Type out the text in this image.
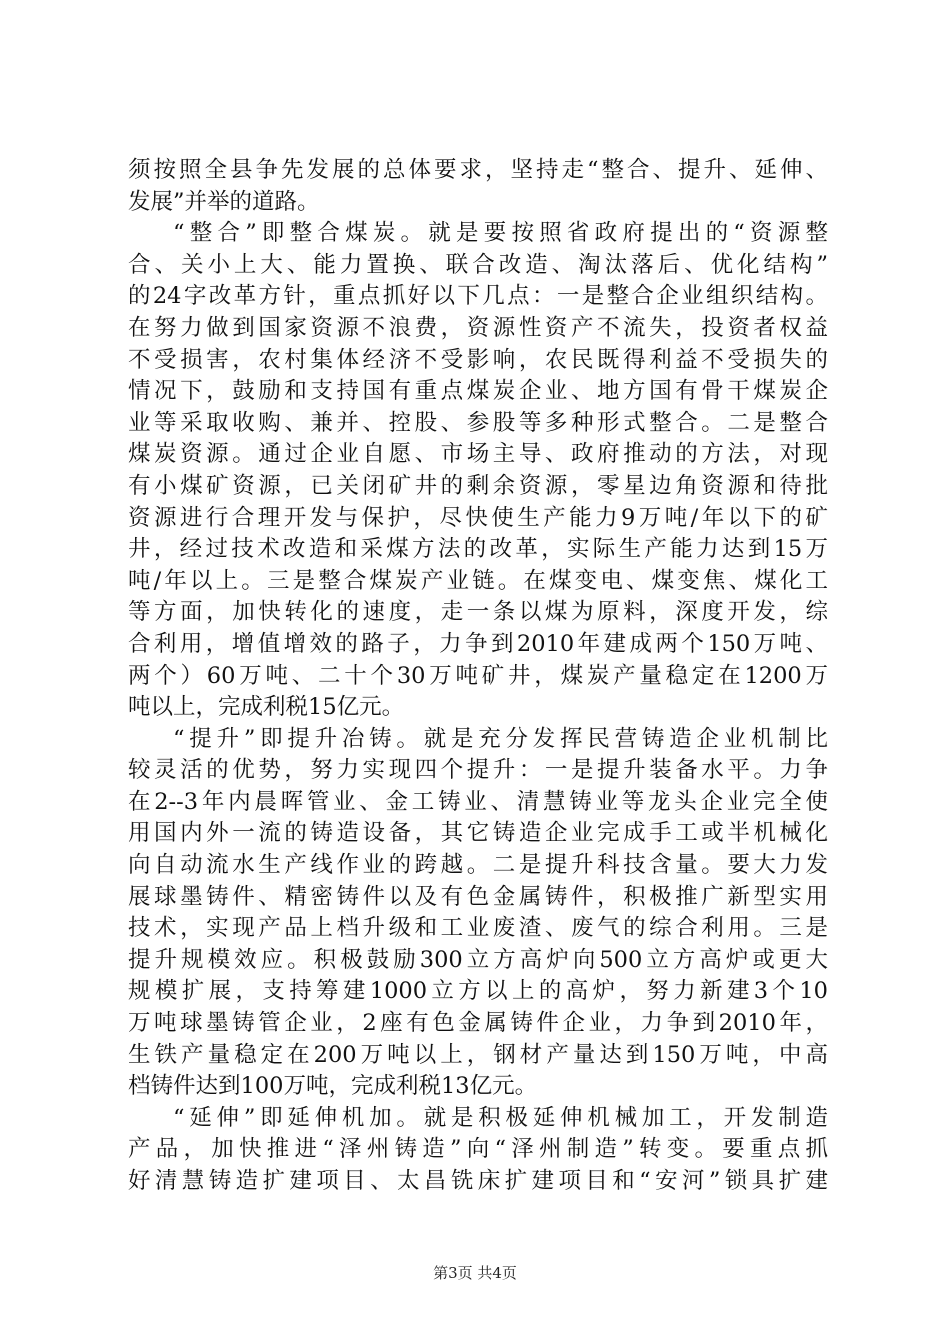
须按照全县争先发展的总体要求，坚持走“整合、提升、延伸、
发展”并举的道路。
“整合”即整合煤炭。就是要按照省政府提出的“资源整
合、关小上大、能力置换、联合改造、淘汰落后、优化结构”
的24字改革方针，重点抓好以下几点：一是整合企业组织结构。
在努力做到国家资源不浪费，资源性资产不流失，投资者权益
不受损害，农村集体经济不受影响，农民既得利益不受损失的
情况下，鼓励和支持国有重点煤炭企业、地方国有骨干煤炭企
业等采取收购、兼并、控股、参股等多种形式整合。二是整合
煤炭资源。通过企业自愿、市场主导、政府推动的方法，对现
有小煤矿资源，已关闭矿井的剩余资源，零星边角资源和待批
资源进行合理开发与保护，尽快使生产能力9万吨/年以下的矿
井，经过技术改造和采煤方法的改革，实际生产能力达到15万
吨/年以上。三是整合煤炭产业链。在煤变电、煤变焦、煤化工
等方面，加快转化的速度，走一条以煤为原料，深度开发，综
合利用，增值增效的路子，力争到2010年建成两个150万吨、
两个）60万吨、二十个30万吨矿井，煤炭产量稳定在1200万
吨以上，完成利税15亿元。
“提升”即提升冶铸。就是充分发挥民营铸造企业机制比
较灵活的优势，努力实现四个提升：一是提升装备水平。力争
在2--3年内晨晖管业、金工铸业、清慧铸业等龙头企业完全使
用国内外一流的铸造设备，其它铸造企业完成手工或半机械化
向自动流水生产线作业的跨越。二是提升科技含量。要大力发
展球墨铸件、精密铸件以及有色金属铸件，积极推广新型实用
技术，实现产品上档升级和工业废渣、废气的综合利用。三是
提升规模效应。积极鼓励300立方高炉向500立方高炉或更大
规模扩展，支持筹建1000立方以上的高炉，努力新建3个10
万吨球墨铸管企业，2座有色金属铸件企业，力争到2010年，
生铁产量稳定在200万吨以上，钢材产量达到150万吨，中高
档铸件达到100万吨，完成利税13亿元。
“延伸”即延伸机加。就是积极延伸机械加工，开发制造
产品，加快推进“泽州铸造”向“泽州制造”转变。要重点抓
好清慧铸造扩建项目、太昌铣床扩建项目和“安河”锁具扩建
第3页 共4页
